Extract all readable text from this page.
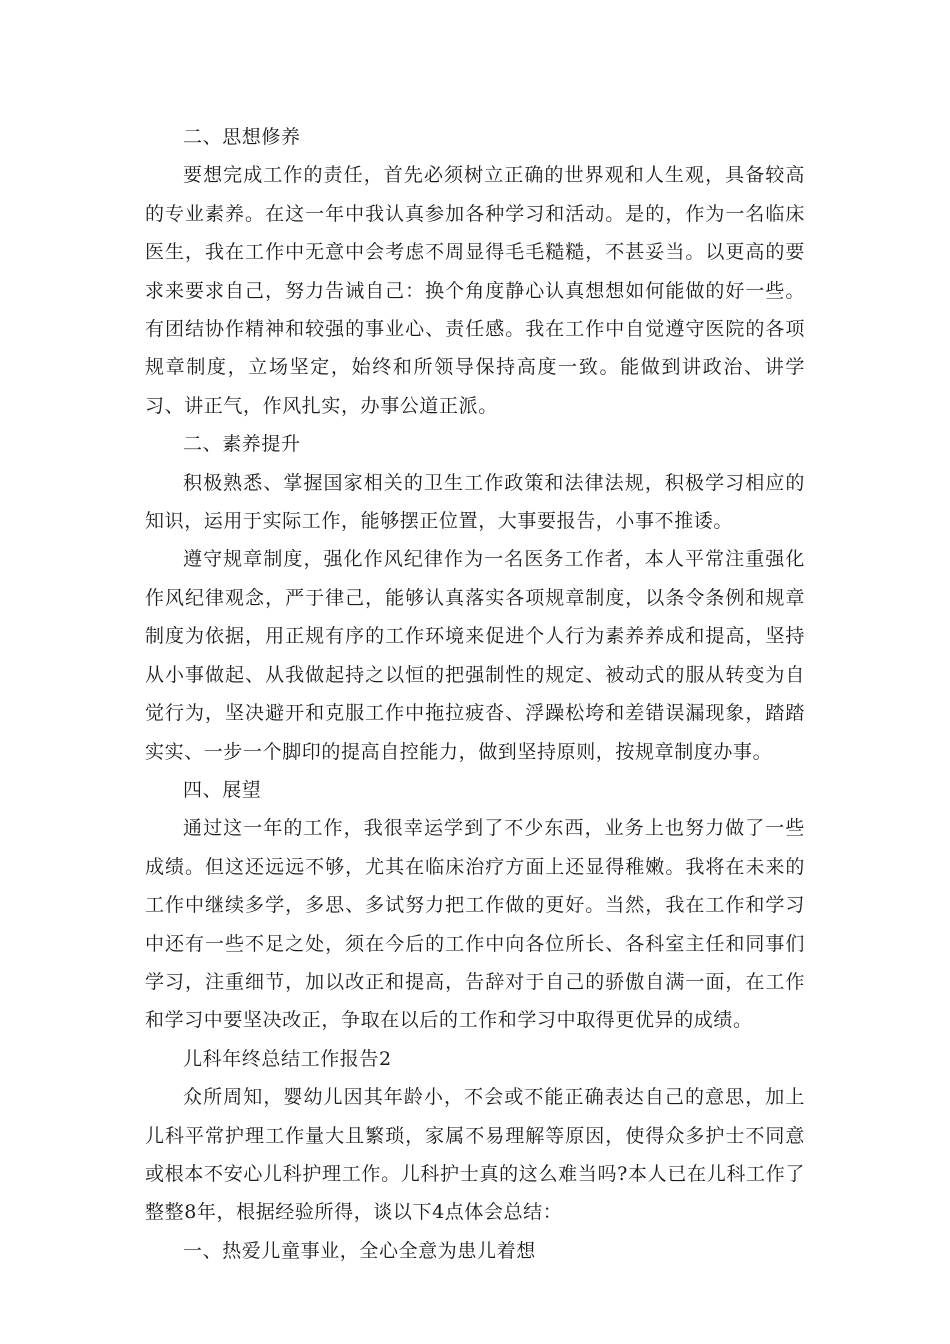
二、思想修养

要想完成工作的责任，首先必须树立正确的世界观和人生观，具备较高的专业素养。在这一年中我认真参加各种学习和活动。是的，作为一名临床医生，我在工作中无意中会考虑不周显得毛毛糙糙，不甚妥当。以更高的要求来要求自己，努力告诫自己：换个角度静心认真想想如何能做的好一些。有团结协作精神和较强的事业心、责任感。我在工作中自觉遵守医院的各项规章制度，立场坚定，始终和所领导保持高度一致。能做到讲政治、讲学习、讲正气，作风扎实，办事公道正派。

二、素养提升

积极熟悉、掌握国家相关的卫生工作政策和法律法规，积极学习相应的知识，运用于实际工作，能够摆正位置，大事要报告，小事不推诿。

遵守规章制度，强化作风纪律作为一名医务工作者，本人平常注重强化作风纪律观念，严于律己，能够认真落实各项规章制度，以条令条例和规章制度为依据，用正规有序的工作环境来促进个人行为素养养成和提高，坚持从小事做起、从我做起持之以恒的把强制性的规定、被动式的服从转变为自觉行为，坚决避开和克服工作中拖拉疲沓、浮躁松垮和差错误漏现象，踏踏实实、一步一个脚印的提高自控能力，做到坚持原则，按规章制度办事。

四、展望

通过这一年的工作，我很幸运学到了不少东西，业务上也努力做了一些成绩。但这还远远不够，尤其在临床治疗方面上还显得稚嫩。我将在未来的工作中继续多学，多思、多试努力把工作做的更好。当然，我在工作和学习中还有一些不足之处，须在今后的工作中向各位所长、各科室主任和同事们学习，注重细节，加以改正和提高，告辞对于自己的骄傲自满一面，在工作和学习中要坚决改正，争取在以后的工作和学习中取得更优异的成绩。

儿科年终总结工作报告2

众所周知，婴幼儿因其年龄小，不会或不能正确表达自己的意思，加上儿科平常护理工作量大且繁琐，家属不易理解等原因，使得众多护士不同意或根本不安心儿科护理工作。儿科护士真的这么难当吗?本人已在儿科工作了整整8年，根据经验所得，谈以下4点体会总结：

一、热爱儿童事业，全心全意为患儿着想
